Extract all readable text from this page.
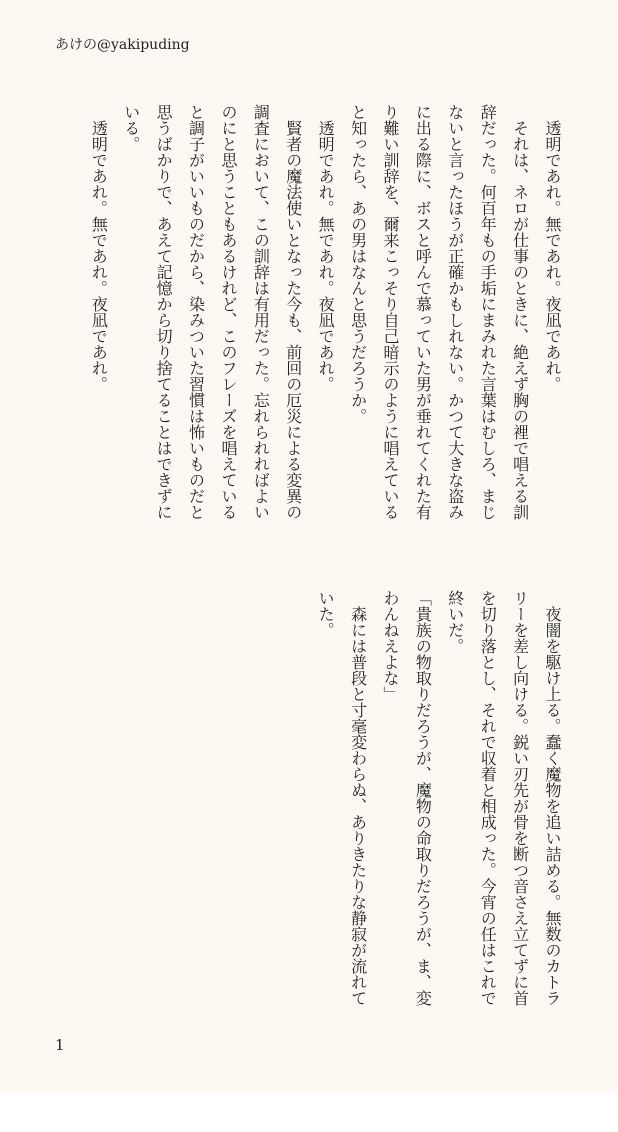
あけの@yakipuding

透明であれ。無であれ。夜凪であれ。

それは、ネロが仕事のときに、絶えず胸の裡で唱える訓辞だった。何百年もの手垢にまみれた言葉はむしろ、まじないと言ったほうが正確かもしれない。かつて大きな盗みに出る際に、ボスと呼んで慕っていた男が垂れてくれた有り難い訓辞を、爾来こっそり自己暗示のように唱えていると知ったら、あの男はなんと思うだろうか。

透明であれ。無であれ。夜凪であれ。

賢者の魔法使いとなった今も、前回の厄災による変異の調査において、この訓辞は有用だった。忘れられればよいのにと思うこともあるけれど、このフレーズを唱えていると調子がいいものだから、染みついた習慣は怖いものだと思うばかりで、あえて記憶から切り捨てることはできずにいる。

透明であれ。無であれ。夜凪であれ。

夜闇を駆け上る。蠢く魔物を追い詰める。無数のカトラリーを差し向ける。鋭い刃先が骨を断つ音さえ立てずに首を切り落とし、それで収着と相成った。今宵の任はこれで終いだ。

「貴族の物取りだろうが、魔物の命取りだろうが、ま、変わんねえよな」

森には普段と寸毫変わらぬ、ありきたりな静寂が流れていた。

1
